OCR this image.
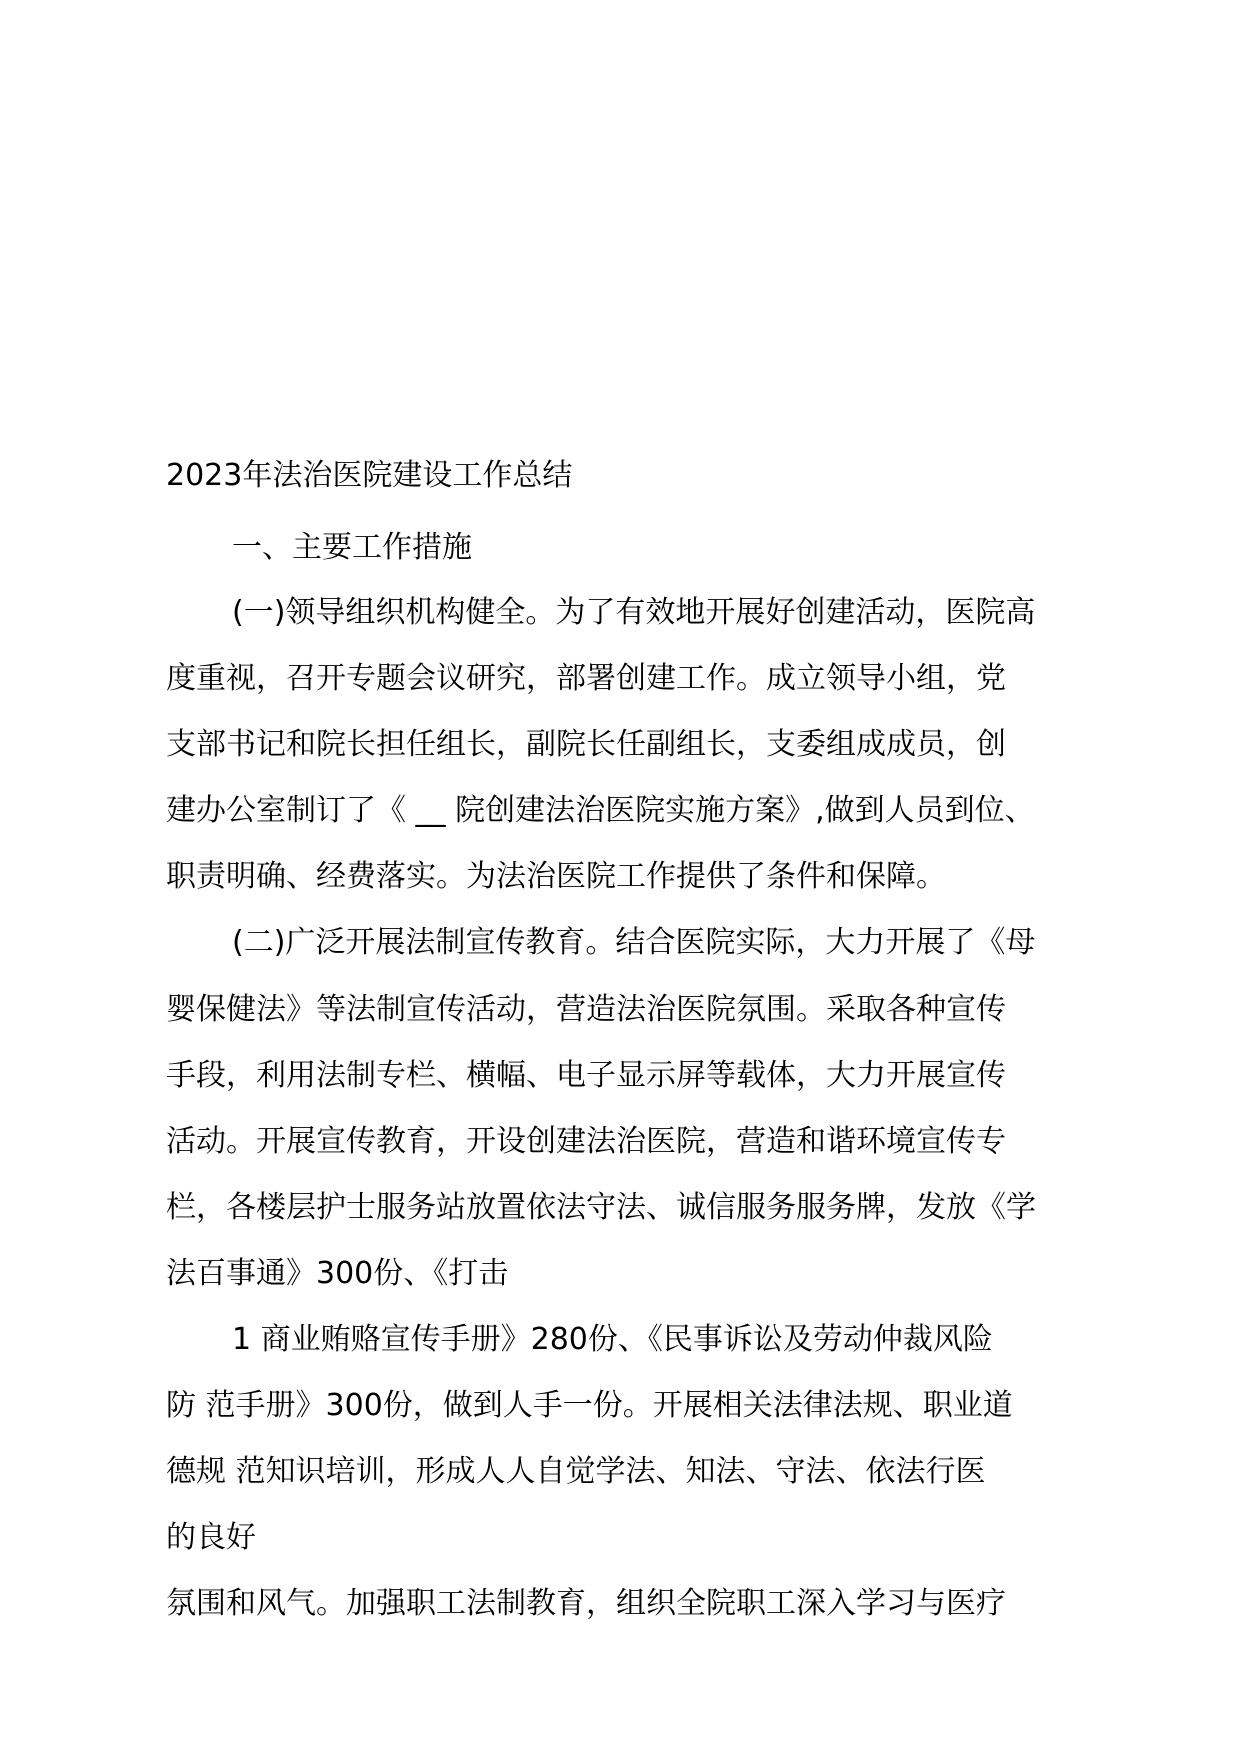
2023年法治医院建设工作总结
一、主要工作措施
(一)领导组织机构健全。为了有效地开展好创建活动，医院高
度重视，召开专题会议研究，部署创建工作。成立领导小组，党
支部书记和院长担任组长，副院长任副组长，支委组成成员，创
建办公室制订了《 __ 院创建法治医院实施方案》,做到人员到位、
职责明确、经费落实。为法治医院工作提供了条件和保障。
(二)广泛开展法制宣传教育。结合医院实际，大力开展了《母
婴保健法》等法制宣传活动，营造法治医院氛围。采取各种宣传
手段，利用法制专栏、横幅、电子显示屏等载体，大力开展宣传
活动。开展宣传教育，开设创建法治医院，营造和谐环境宣传专
栏，各楼层护士服务站放置依法守法、诚信服务服务牌，发放《学
法百事通》300份、《打击
1 商业贿赂宣传手册》280份、《民事诉讼及劳动仲裁风险
防 范手册》300份，做到人手一份。开展相关法律法规、职业道
德规 范知识培训，形成人人自觉学法、知法、守法、依法行医
的良好
氛围和风气。加强职工法制教育，组织全院职工深入学习与医疗
